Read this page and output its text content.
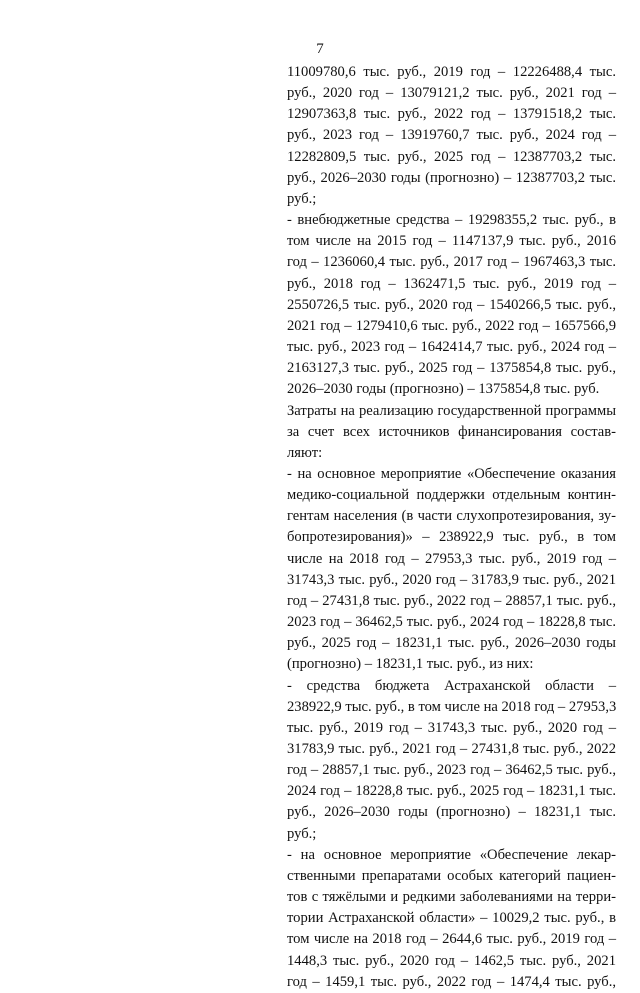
7
11009780,6 тыс. руб., 2019 год – 12226488,4 тыс.
руб., 2020 год – 13079121,2 тыс. руб., 2021 год –
12907363,8 тыс. руб., 2022 год – 13791518,2 тыс.
руб., 2023 год – 13919760,7 тыс. руб., 2024 год –
12282809,5 тыс. руб., 2025 год – 12387703,2 тыс.
руб., 2026–2030 годы (прогнозно) – 12387703,2 тыс.
руб.;
- внебюджетные средства – 19298355,2 тыс. руб., в
том числе на 2015 год – 1147137,9 тыс. руб., 2016
год – 1236060,4 тыс. руб., 2017 год – 1967463,3 тыс.
руб., 2018 год – 1362471,5 тыс. руб., 2019 год –
2550726,5 тыс. руб., 2020 год – 1540266,5 тыс. руб.,
2021 год – 1279410,6 тыс. руб., 2022 год – 1657566,9
тыс. руб., 2023 год – 1642414,7 тыс. руб., 2024 год –
2163127,3 тыс. руб., 2025 год – 1375854,8 тыс. руб.,
2026–2030 годы (прогнозно) – 1375854,8 тыс. руб.
Затраты на реализацию государственной программы
за счет всех источников финансирования состав-
ляют:
- на основное мероприятие «Обеспечение оказания
медико-социальной поддержки отдельным контин-
гентам населения (в части слухопротезирования, зу-
бопротезирования)» – 238922,9 тыс. руб., в том
числе на 2018 год – 27953,3 тыс. руб., 2019 год –
31743,3 тыс. руб., 2020 год – 31783,9 тыс. руб., 2021
год – 27431,8 тыс. руб., 2022 год – 28857,1 тыс. руб.,
2023 год – 36462,5 тыс. руб., 2024 год – 18228,8 тыс.
руб., 2025 год – 18231,1 тыс. руб., 2026–2030 годы
(прогнозно) – 18231,1 тыс. руб., из них:
- средства бюджета Астраханской области –
238922,9 тыс. руб., в том числе на 2018 год – 27953,3
тыс. руб., 2019 год – 31743,3 тыс. руб., 2020 год –
31783,9 тыс. руб., 2021 год – 27431,8 тыс. руб., 2022
год – 28857,1 тыс. руб., 2023 год – 36462,5 тыс. руб.,
2024 год – 18228,8 тыс. руб., 2025 год – 18231,1 тыс.
руб., 2026–2030 годы (прогнозно) – 18231,1 тыс.
руб.;
- на основное мероприятие «Обеспечение лекар-
ственными препаратами особых категорий пациен-
тов с тяжёлыми и редкими заболеваниями на терри-
тории Астраханской области» – 10029,2 тыс. руб., в
том числе на 2018 год – 2644,6 тыс. руб., 2019 год –
1448,3 тыс. руб., 2020 год – 1462,5 тыс. руб., 2021
год – 1459,1 тыс. руб., 2022 год – 1474,4 тыс. руб.,
